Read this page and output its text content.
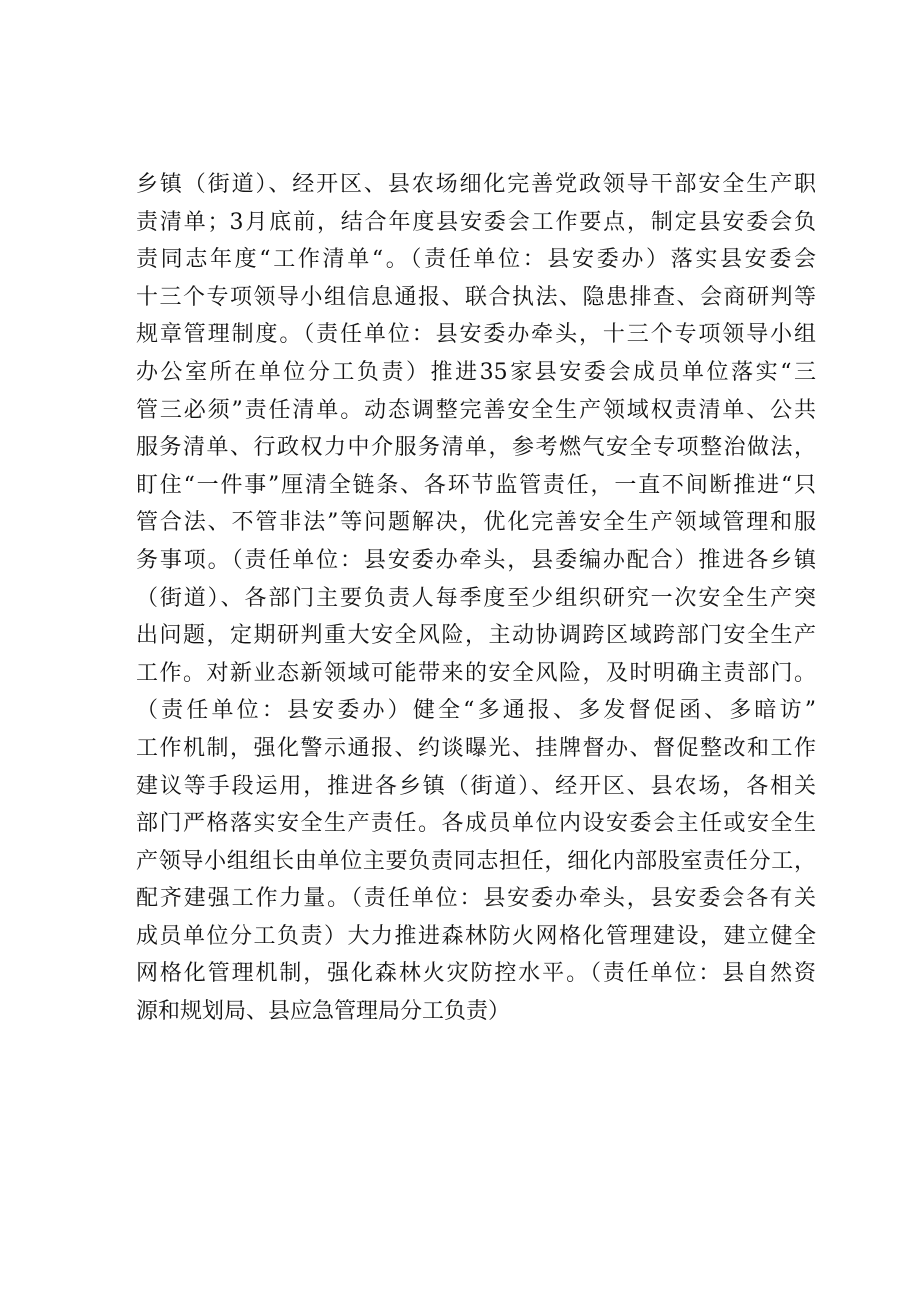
乡镇（街道）、经开区、县农场细化完善党政领导干部安全生产职
责清单；3月底前，结合年度县安委会工作要点，制定县安委会负
责同志年度“工作清单“。（责任单位：县安委办）落实县安委会
十三个专项领导小组信息通报、联合执法、隐患排查、会商研判等
规章管理制度。（责任单位：县安委办牵头，十三个专项领导小组
办公室所在单位分工负责）推进35家县安委会成员单位落实“三
管三必须”责任清单。动态调整完善安全生产领域权责清单、公共
服务清单、行政权力中介服务清单，参考燃气安全专项整治做法，
盯住“一件事”厘清全链条、各环节监管责任，一直不间断推进“只
管合法、不管非法”等问题解决，优化完善安全生产领域管理和服
务事项。（责任单位：县安委办牵头，县委编办配合）推进各乡镇
（街道）、各部门主要负责人每季度至少组织研究一次安全生产突
出问题，定期研判重大安全风险，主动协调跨区域跨部门安全生产
工作。对新业态新领域可能带来的安全风险，及时明确主责部门。
（责任单位：县安委办）健全“多通报、多发督促函、多暗访”
工作机制，强化警示通报、约谈曝光、挂牌督办、督促整改和工作
建议等手段运用，推进各乡镇（街道）、经开区、县农场，各相关
部门严格落实安全生产责任。各成员单位内设安委会主任或安全生
产领导小组组长由单位主要负责同志担任，细化内部股室责任分工，
配齐建强工作力量。（责任单位：县安委办牵头，县安委会各有关
成员单位分工负责）大力推进森林防火网格化管理建设，建立健全
网格化管理机制，强化森林火灾防控水平。（责任单位：县自然资
源和规划局、县应急管理局分工负责）
